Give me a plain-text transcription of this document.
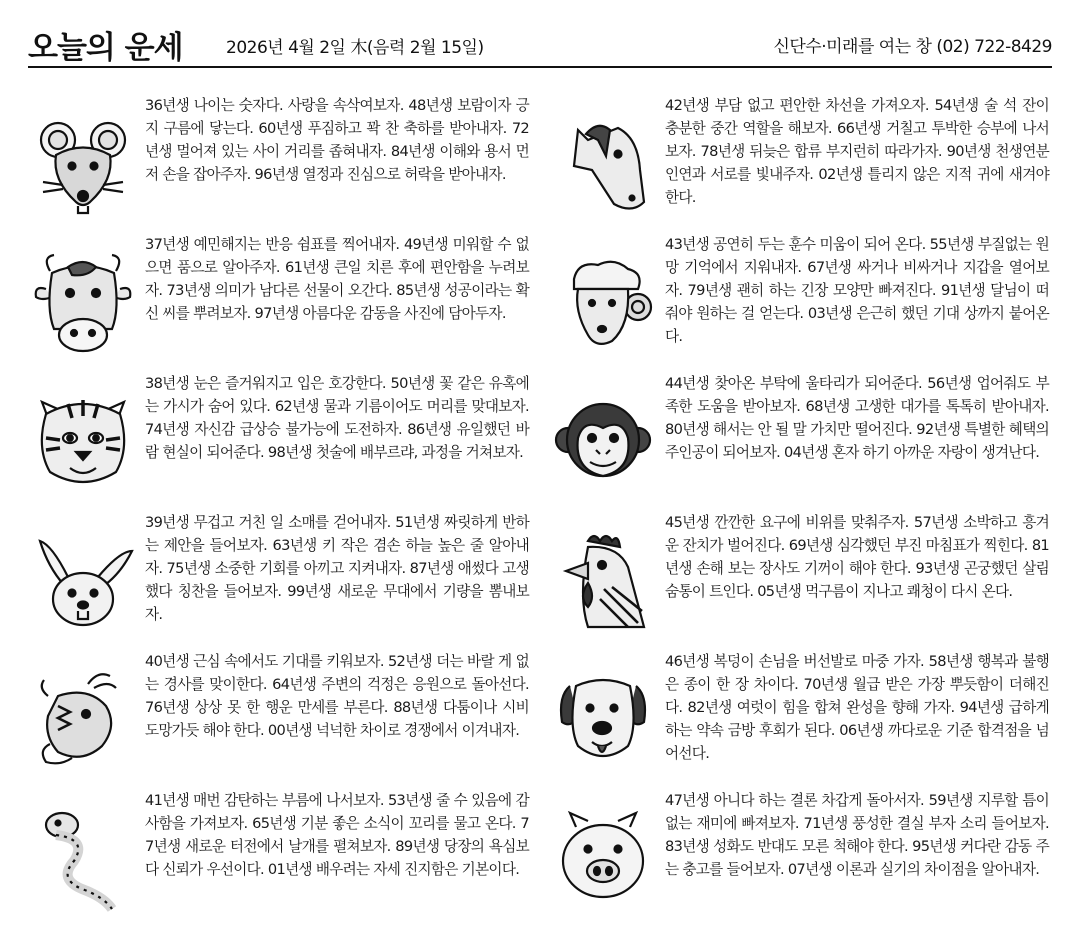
오늘의 운세	2026년 4월 2일 木(음력 2월 15일)	신단수·미래를 여는 창 (02) 722-8429
36년생 나이는 숫자다. 사랑을 속삭여보자. 48년생 보람이자 긍지 구름에 닿는다. 60년생 푸짐하고 꽉 찬 축하를 받아내자. 72년생 멀어져 있는 사이 거리를 좁혀내자. 84년생 이해와 용서 먼저 손을 잡아주자. 96년생 열정과 진심으로 허락을 받아내자.
37년생 예민해지는 반응 쉼표를 찍어내자. 49년생 미워할 수 없으면 품으로 알아주자. 61년생 큰일 치른 후에 편안함을 누려보자. 73년생 의미가 남다른 선물이 오간다. 85년생 성공이라는 확신 씨를 뿌려보자. 97년생 아름다운 감동을 사진에 담아두자.
38년생 눈은 즐거워지고 입은 호강한다. 50년생 꽃 같은 유혹에는 가시가 숨어 있다. 62년생 물과 기름이어도 머리를 맞대보자. 74년생 자신감 급상승 불가능에 도전하자. 86년생 유일했던 바람 현실이 되어준다. 98년생 첫술에 배부르랴, 과정을 거쳐보자.
39년생 무겁고 거친 일 소매를 걷어내자. 51년생 짜릿하게 반하는 제안을 들어보자. 63년생 키 작은 겸손 하늘 높은 줄 알아내자. 75년생 소중한 기회를 아끼고 지켜내자. 87년생 애썼다 고생했다 칭찬을 들어보자. 99년생 새로운 무대에서 기량을 뽐내보자.
40년생 근심 속에서도 기대를 키워보자. 52년생 더는 바랄 게 없는 경사를 맞이한다. 64년생 주변의 걱정은 응원으로 돌아선다. 76년생 상상 못 한 행운 만세를 부른다. 88년생 다툼이나 시비 도망가듯 해야 한다. 00년생 넉넉한 차이로 경쟁에서 이겨내자.
41년생 매번 감탄하는 부름에 나서보자. 53년생 줄 수 있음에 감사함을 가져보자. 65년생 기분 좋은 소식이 꼬리를 물고 온다. 77년생 새로운 터전에서 날개를 펼쳐보자. 89년생 당장의 욕심보다 신뢰가 우선이다. 01년생 배우려는 자세 진지함은 기본이다.
42년생 부담 없고 편안한 차선을 가져오자. 54년생 술 석 잔이 충분한 중간 역할을 해보자. 66년생 거칠고 투박한 승부에 나서보자. 78년생 뒤늦은 합류 부지런히 따라가자. 90년생 천생연분 인연과 서로를 빛내주자. 02년생 틀리지 않은 지적 귀에 새겨야 한다.
43년생 공연히 두는 훈수 미움이 되어 온다. 55년생 부질없는 원망 기억에서 지워내자. 67년생 싸거나 비싸거나 지갑을 열어보자. 79년생 괜히 하는 긴장 모양만 빠져진다. 91년생 달님이 떠줘야 원하는 걸 얻는다. 03년생 은근히 했던 기대 상까지 붙어온다.
44년생 찾아온 부탁에 울타리가 되어준다. 56년생 업어줘도 부족한 도움을 받아보자. 68년생 고생한 대가를 톡톡히 받아내자. 80년생 해서는 안 될 말 가치만 떨어진다. 92년생 특별한 혜택의 주인공이 되어보자. 04년생 혼자 하기 아까운 자랑이 생겨난다.
45년생 깐깐한 요구에 비위를 맞춰주자. 57년생 소박하고 흥겨운 잔치가 벌어진다. 69년생 심각했던 부진 마침표가 찍힌다. 81년생 손해 보는 장사도 기꺼이 해야 한다. 93년생 곤궁했던 살림 숨통이 트인다. 05년생 먹구름이 지나고 쾌청이 다시 온다.
46년생 복덩이 손님을 버선발로 마중 가자. 58년생 행복과 불행은 종이 한 장 차이다. 70년생 월급 받은 가장 뿌듯함이 더해진다. 82년생 여럿이 힘을 합쳐 완성을 향해 가자. 94년생 급하게 하는 약속 금방 후회가 된다. 06년생 까다로운 기준 합격점을 넘어선다.
47년생 아니다 하는 결론 차갑게 돌아서자. 59년생 지루할 틈이 없는 재미에 빠져보자. 71년생 풍성한 결실 부자 소리 들어보자. 83년생 성화도 반대도 모른 척해야 한다. 95년생 커다란 감동 주는 충고를 들어보자. 07년생 이론과 실기의 차이점을 알아내자.
